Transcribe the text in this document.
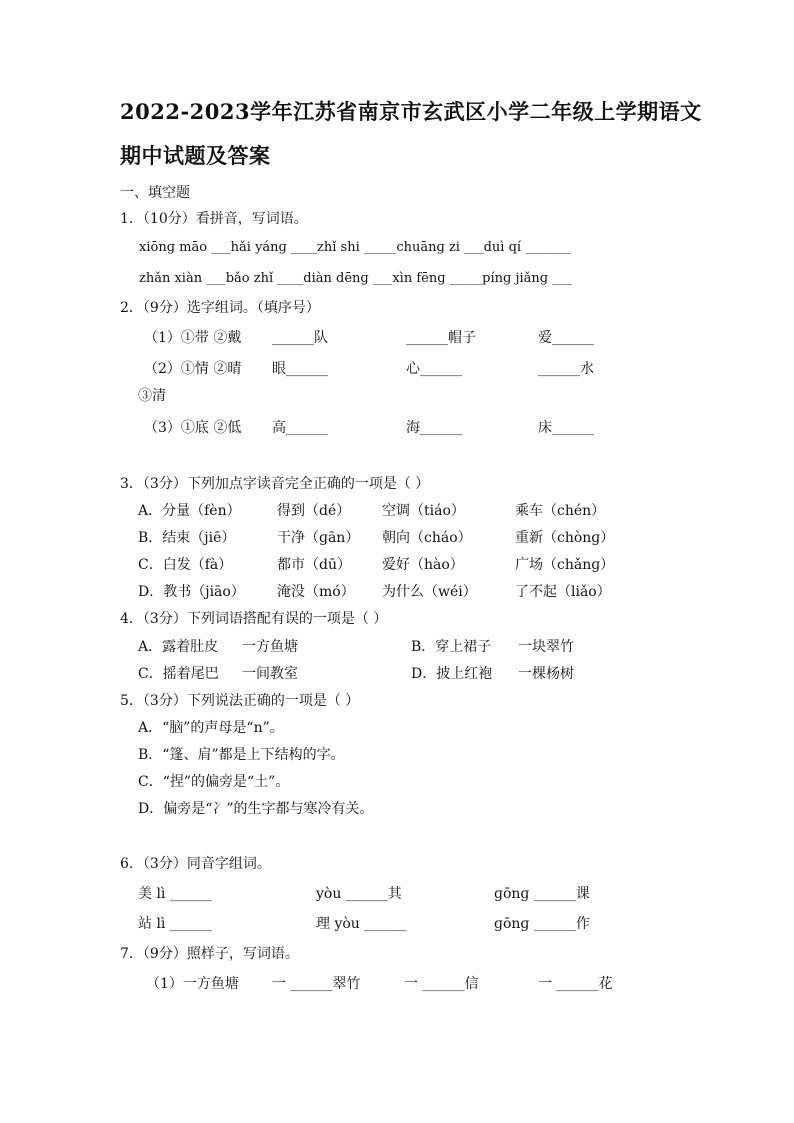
2022-2023学年江苏省南京市玄武区小学二年级上学期语文
期中试题及答案
一、填空题
1．（10分）看拼音，写词语。
xiōnɡ māo ___hǎi yánɡ ____zhǐ shi _____chuānɡ zi ___duì qí _______
zhǎn xiàn ___bǎo zhǐ ____diàn dēnɡ ___xìn fēnɡ _____pínɡ jiǎnɡ ___
2．（9分）选字组词。（填序号）
（1）①带 ②戴 ______队	______帽子	爱______
（2）①情 ②晴 眼______	心______	______水
③清
（3）①底 ②低 高______	海______	床______
3．（3分）下列加点字读音完全正确的一项是（ ）
A．分量（fèn）	得到（dé） 空调（tiáo）	乘车（chén）
B．结束（jiē）	干净（ɡān） 朝向（cháo）	重新（chònɡ）
C．白发（fà）	都市（dū） 爱好（hào）	广场（chǎnɡ）
D．教书（jiāo） 淹没（mó） 为什么（wéi）	了不起（liǎo）
4．（3分）下列词语搭配有误的一项是（ ）
A．露着肚皮 一方鱼塘	B．穿上裙子 一块翠竹
C．摇着尾巴 一间教室	D．披上红袍 一棵杨树
5．（3分）下列说法正确的一项是（ ）
A．“脑”的声母是“n”。
B．“篷、肩”都是上下结构的字。
C．“捏”的偏旁是“土”。
D．偏旁是“冫”的生字都与寒冷有关。
6．（3分）同音字组词。
美 lì ______	yòu ______其	ɡōnɡ ______课
站 lì ______	理 yòu ______	ɡōnɡ ______作
7．（9分）照样子，写词语。
（1）一方鱼塘 一 ______翠竹	一 ______信	一 ______花
